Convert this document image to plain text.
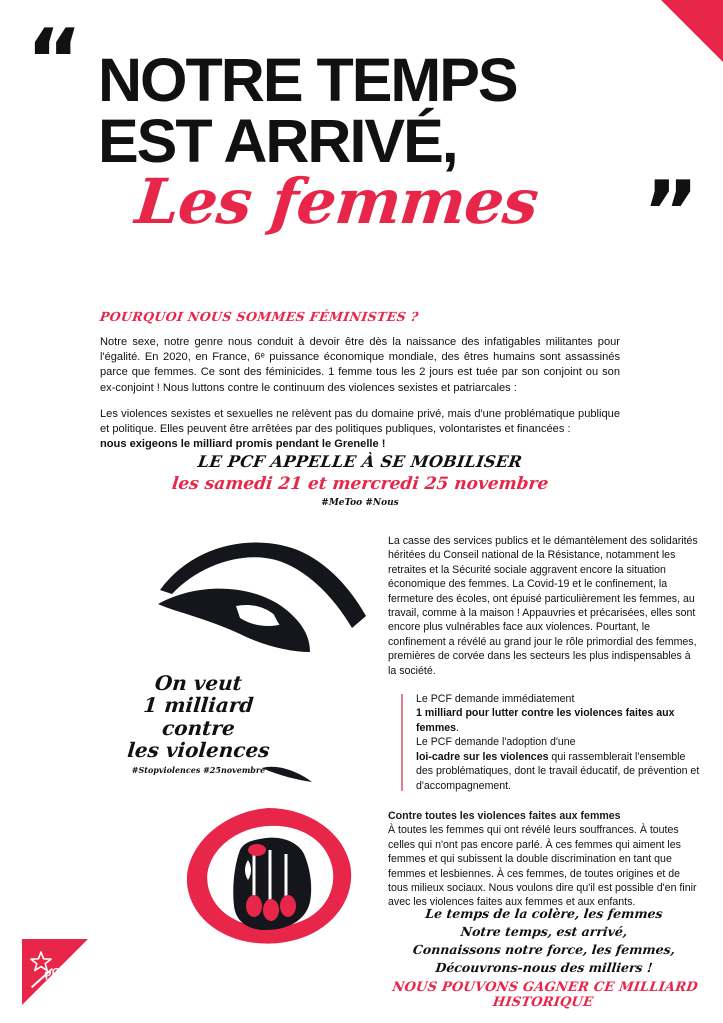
“
”
NOTRE TEMPS
EST ARRIVÉ,
Les femmes
POURQUOI NOUS SOMMES FÉMINISTES ?

Notre sexe, notre genre nous conduit à devoir être dès la naissance des infatigables militantes pour l'égalité. En 2020, en France, 6ᵉ puissance économique mondiale, des êtres humains sont assassinés parce que femmes. Ce sont des féminicides. 1 femme tous les 2 jours est tuée par son conjoint ou son ex-conjoint ! Nous luttons contre le continuum des violences sexistes et patriarcales :

Les violences sexistes et sexuelles ne relèvent pas du domaine privé, mais d'une problématique publique et politique. Elles peuvent être arrêtées par des politiques publiques, volontaristes et financées :
nous exigeons le milliard promis pendant le Grenelle !

LE PCF APPELLE À SE MOBILISER
les samedi 21 et mercredi 25 novembre
#MeToo #Nous
On veut
1 milliard
contre
les violences
#Stopviolences #25novembre

La casse des services publics et le démantèlement des solidarités héritées du Conseil national de la Résistance, notamment les retraites et la Sécurité sociale aggravent encore la situation économique des femmes. La Covid-19 et le confinement, la fermeture des écoles, ont épuisé particulièrement les femmes, au travail, comme à la maison ! Appauvries et précarisées, elles sont encore plus vulnérables face aux violences. Pourtant, le confinement a révélé au grand jour le rôle primordial des femmes, premières de corvée dans les secteurs les plus indispensables à la société.

Le PCF demande immédiatement
1 milliard pour lutter contre les violences faites aux femmes.

Le PCF demande l'adoption d'une
loi-cadre sur les violences qui rassemblerait l'ensemble des problématiques, dont le travail éducatif, de prévention et d'accompagnement.

Contre toutes les violences faites aux femmes

À toutes les femmes qui ont révélé leurs souffrances. À toutes celles qui n'ont pas encore parlé. À ces femmes qui aiment les femmes et qui subissent la double discrimination en tant que femmes et lesbiennes. À ces femmes, de toutes origines et de tous milieux sociaux. Nous voulons dire qu'il est possible d'en finir avec les violences faites aux femmes et aux enfants.

Le temps de la colère, les femmes
Notre temps, est arrivé,
Connaissons notre force, les femmes,
Découvrons-nous des milliers !
NOUS POUVONS GAGNER CE MILLIARD HISTORIQUE
PCF
